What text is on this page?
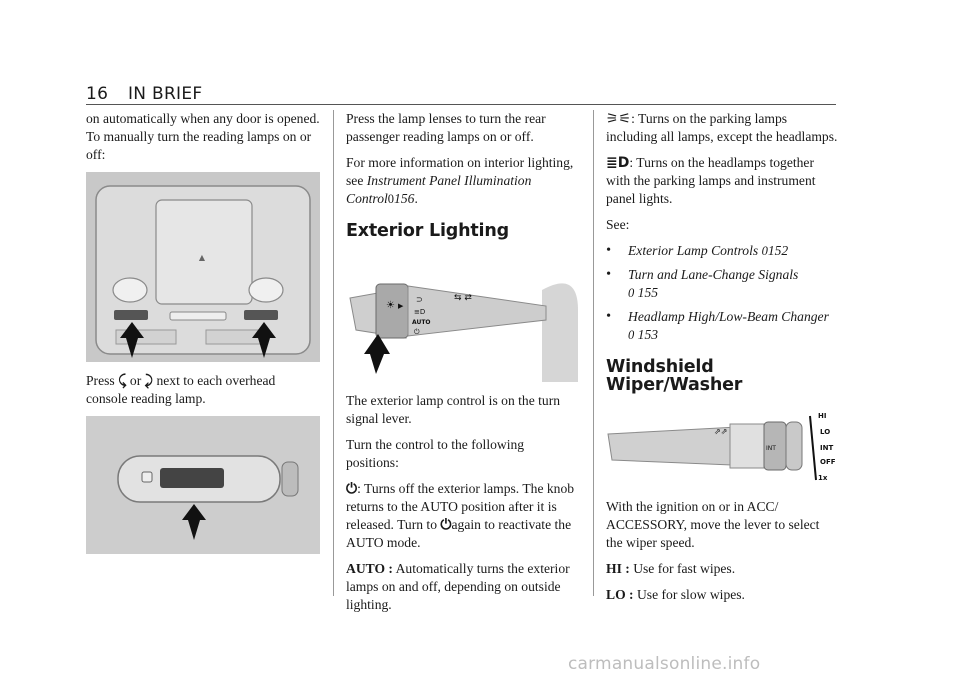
16 IN BRIEF

on automatically when any door is opened. To manually turn the reading lamps on or off:

▲

Press ⤹ or ⤸ next to each overhead console reading lamp.

Press the lamp lenses to turn the rear passenger reading lamps on or off.

For more information on interior lighting, see Instrument Panel Illumination Control0156.

Exterior Lighting
☀ ▶
⊃
≡D
AUTO
⏻
⇆ ⇄

The exterior lamp control is on the turn signal lever.

Turn the control to the following positions:

⏻: Turns off the exterior lamps. The knob returns to the AUTO position after it is released. Turn to ⏻again to reactivate the AUTO mode.

AUTO : Automatically turns the exterior lamps on and off, depending on outside lighting.

⚞⚟: Turns on the parking lamps including all lamps, except the headlamps.

≣D: Turns on the headlamps together with the parking lamps and instrument panel lights.

See:

• Exterior Lamp Controls 0152
• Turn and Lane-Change Signals
0 155
• Headlamp High/Low-Beam Changer
0 153
Windshield Wiper/Washer
⇗⇗
INT
HI
LO
INT
OFF
1x

With the ignition on or in ACC/ ACCESSORY, move the lever to select the wiper speed.

HI : Use for fast wipes.

LO : Use for slow wipes.

carmanualsonline.info
